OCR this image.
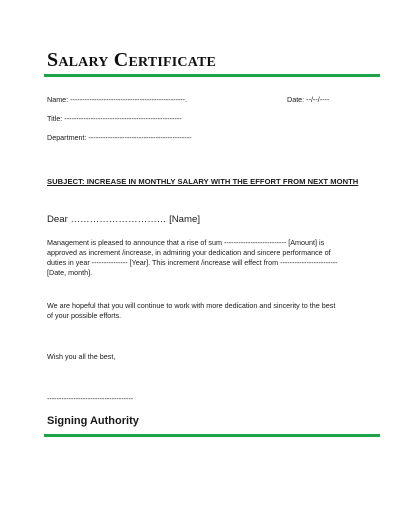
Salary Certificate
Name: ------------------------------------------------.	Date: --/--/----
Title: -------------------------------------------------
Department: -------------------------------------------
SUBJECT: INCREASE IN MONTHLY SALARY WITH THE EFFORT FROM NEXT MONTH
Dear ………………………… [Name]
Management is pleased to announce that a rise of sum -------------------------- [Amount] is
approved as increment /increase, in admiring your dedication and sincere performance of
duties in year --------------- [Year]. This increment /increase will effect from ------------------------
[Date, month].
We are hopeful that you will continue to work with more dedication and sincerity to the best
of your possible efforts.
Wish you all the best,
------------------------------------
Signing Authority
